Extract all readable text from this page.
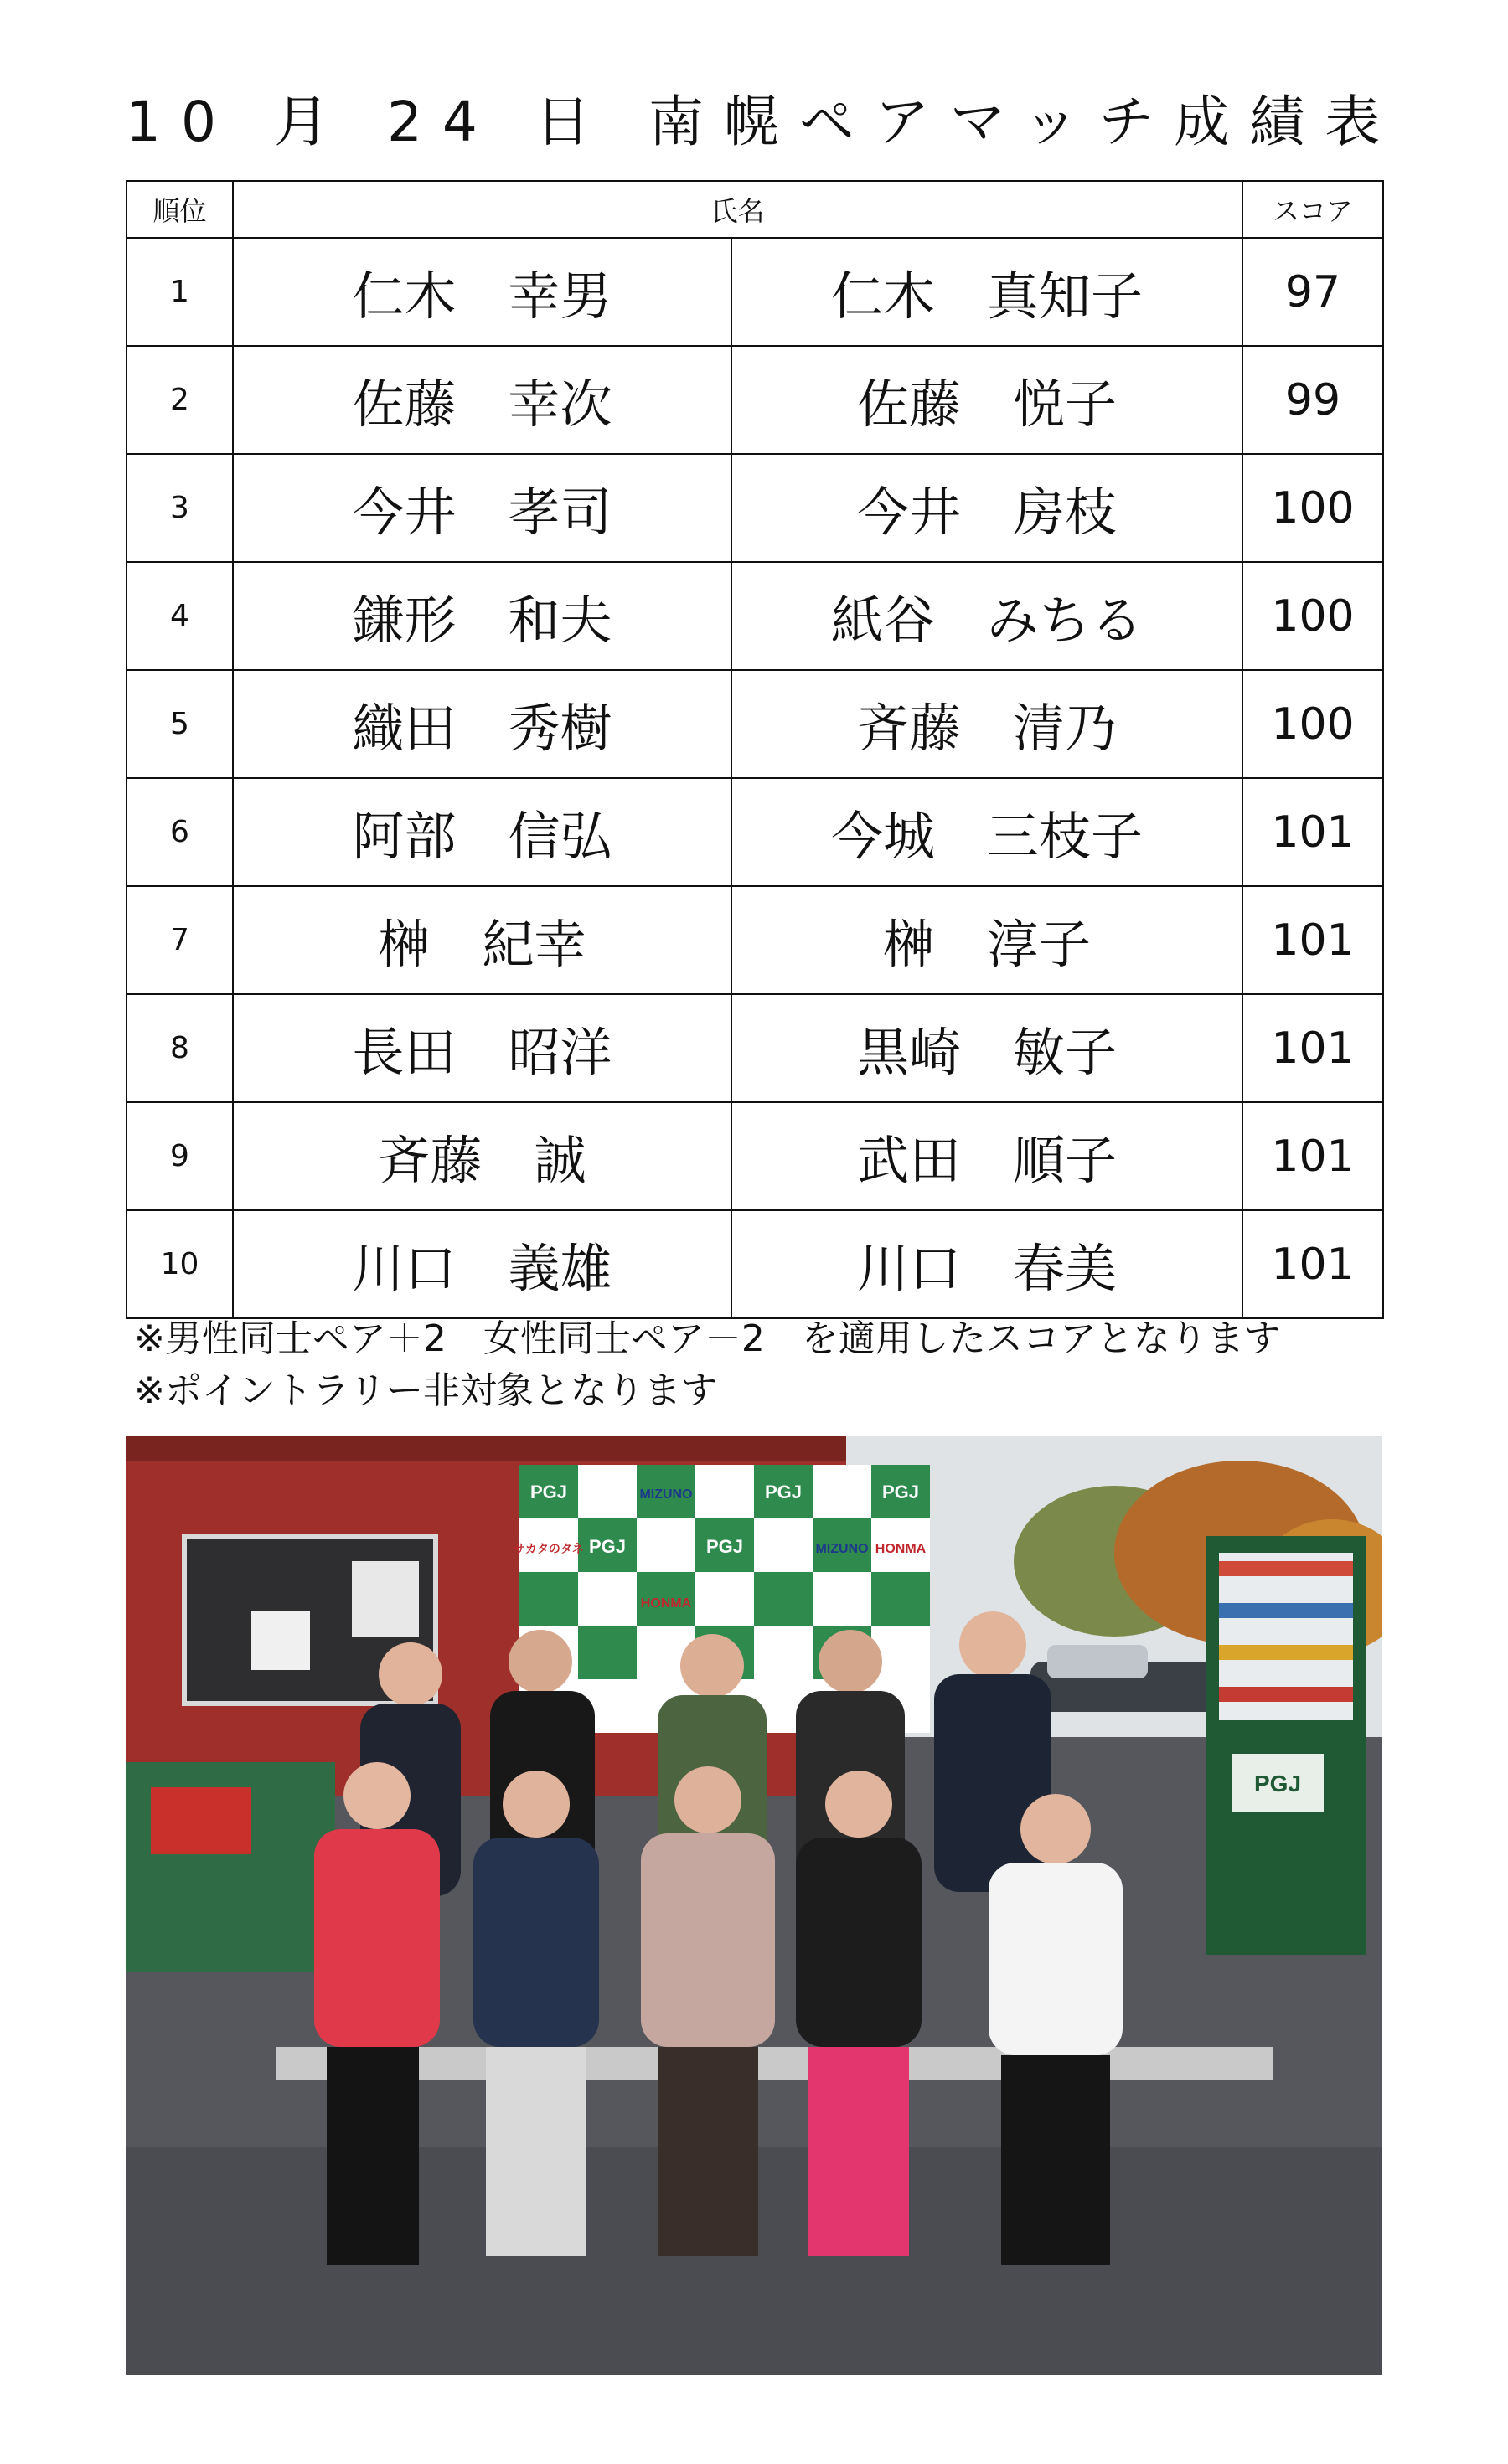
10 月 24 日 南幌ペアマッチ成績表
順位	氏名		スコア
1	仁木　幸男	仁木　真知子	97
2	佐藤　幸次	佐藤　悦子	99
3	今井　孝司	今井　房枝	100
4	鎌形　和夫	紙谷　みちる	100
5	織田　秀樹	斉藤　清乃	100
6	阿部　信弘	今城　三枝子	101
7	榊　紀幸	榊　淳子	101
8	長田　昭洋	黒崎　敏子	101
9	斉藤　誠	武田　順子	101
10	川口　義雄	川口　春美	101
※男性同士ペア＋2　女性同士ペア－2　を適用したスコアとなります
※ポイントラリー非対象となります
PGJ
PGJ	PGJ
PGJ	PGJ
MIZUNO
MIZUNO HONMA
HONMA
サカタのタネ
PGJ
